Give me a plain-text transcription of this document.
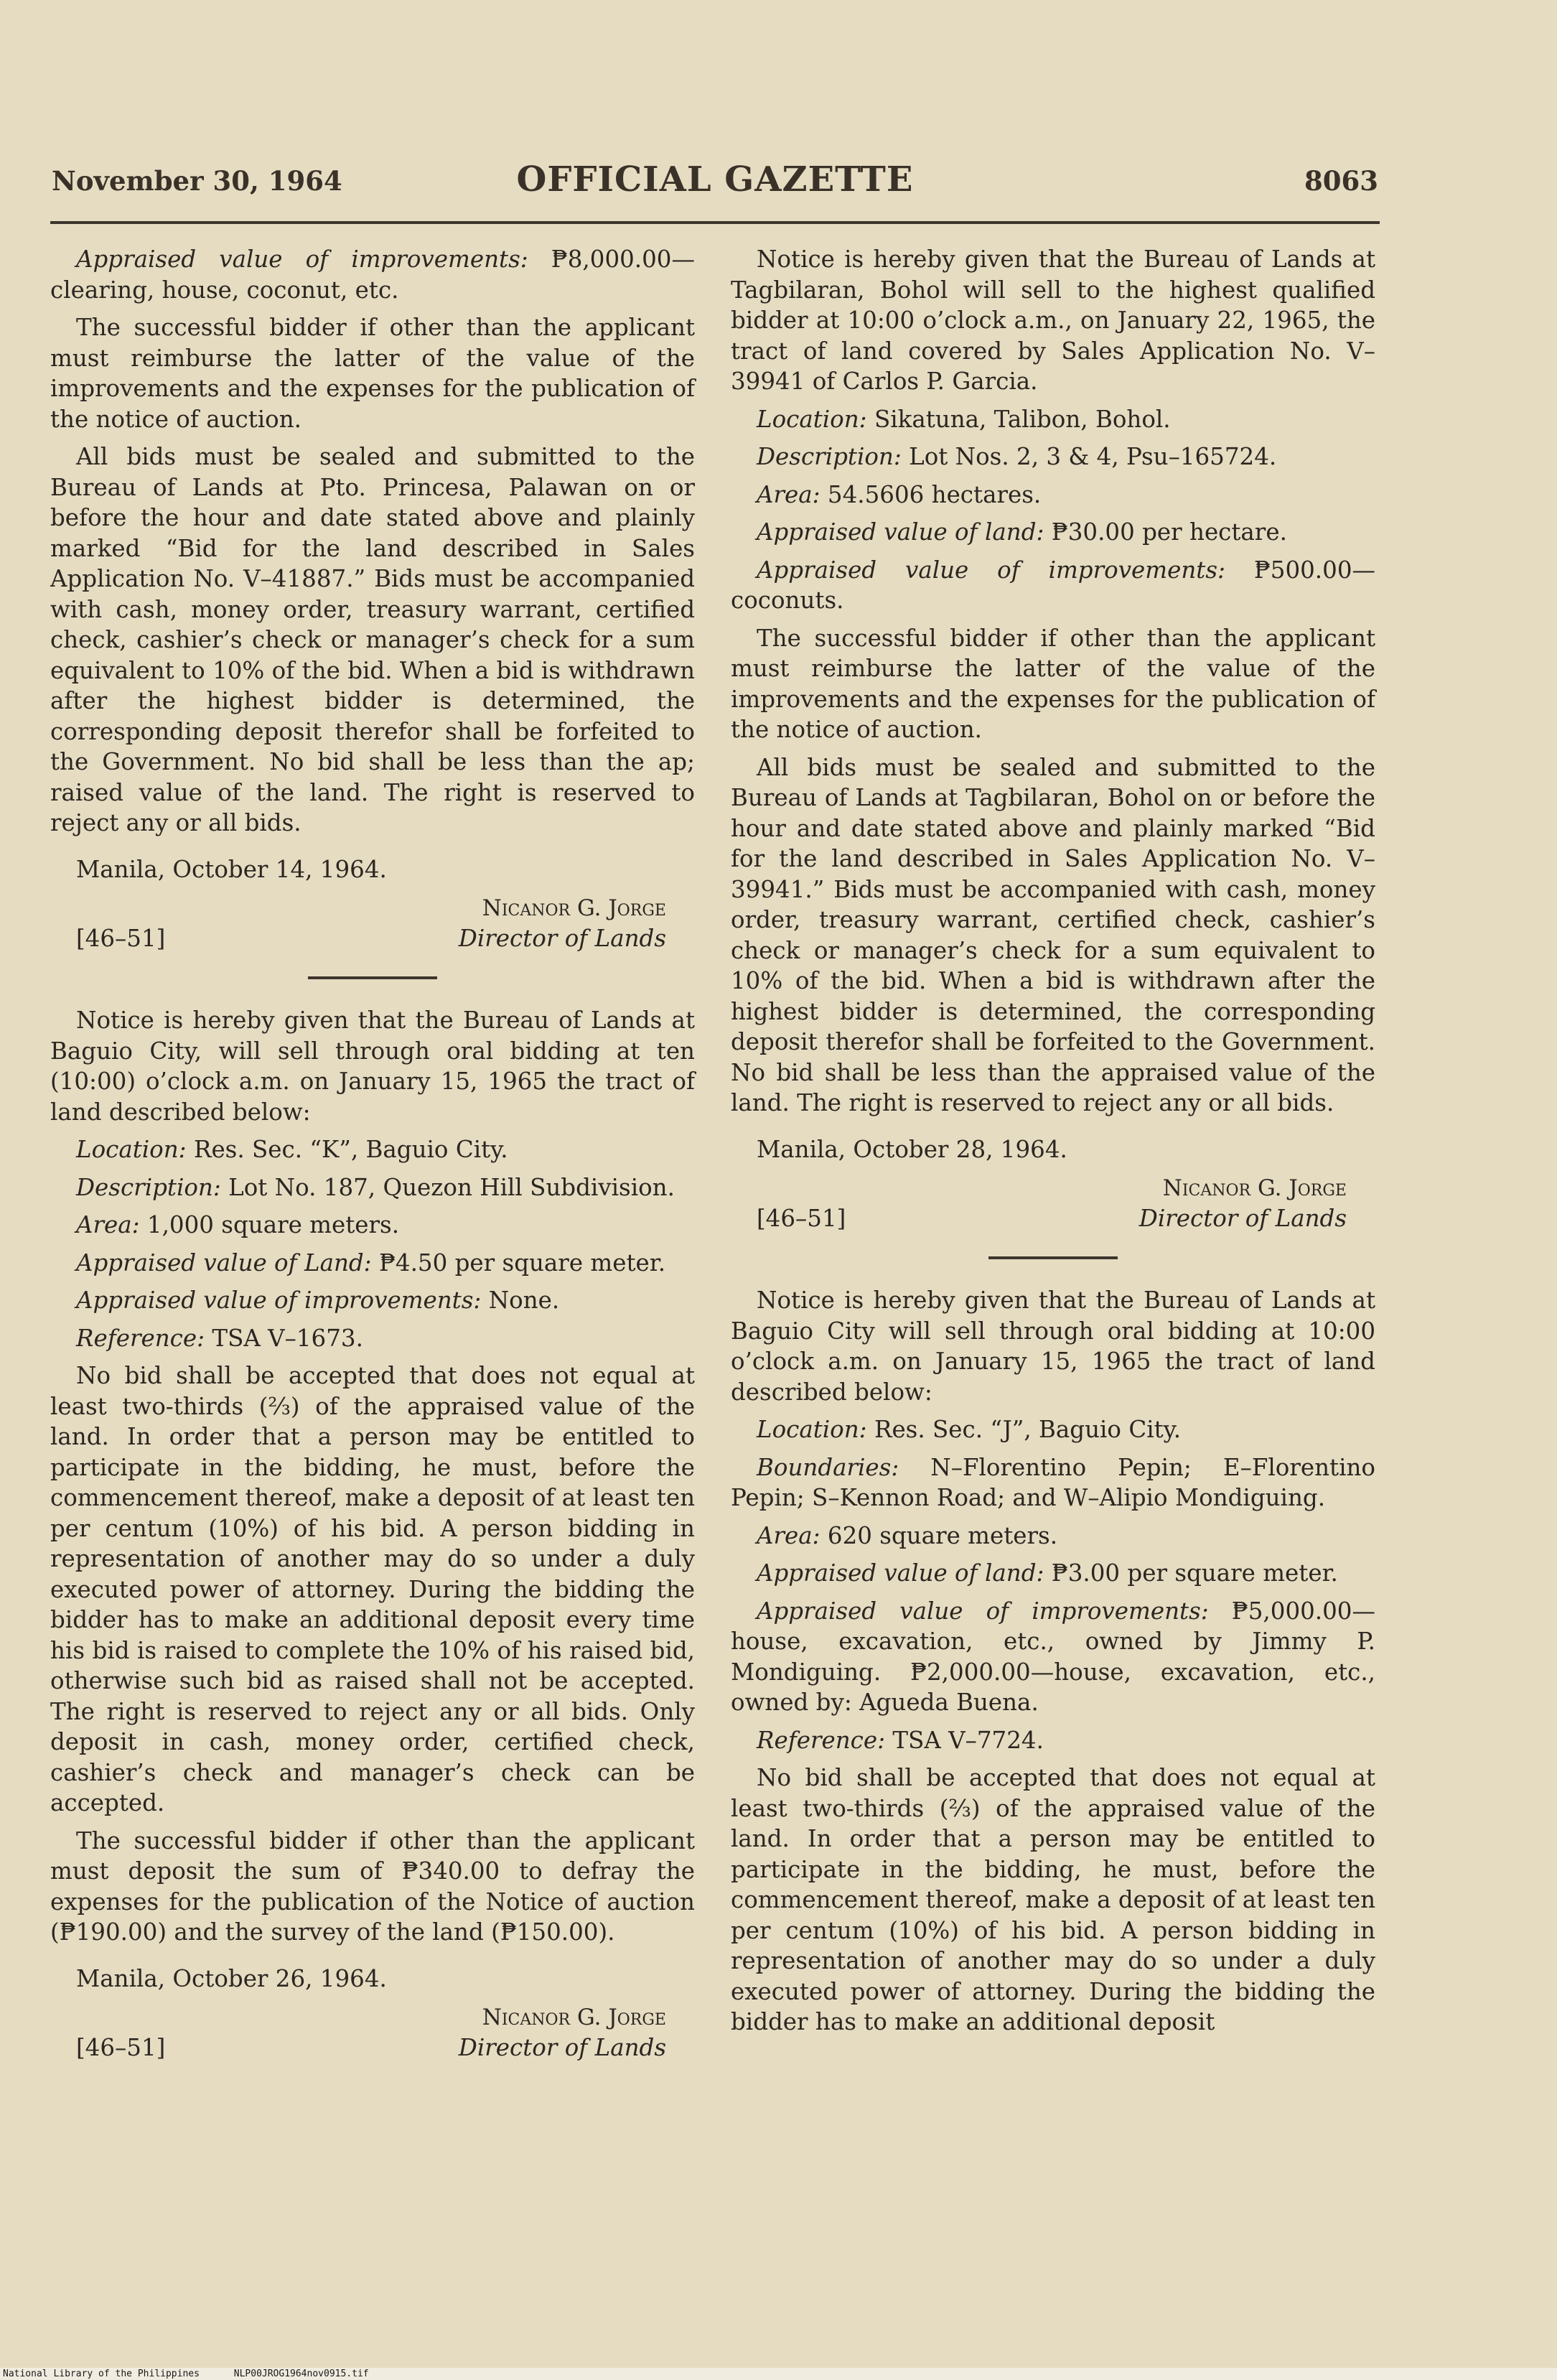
November 30, 1964	OFFICIAL GAZETTE	8063

Appraised value of improvements: ₱8,000.00—clearing, house, coconut, etc.

The successful bidder if other than the applicant must reimburse the latter of the value of the improvements and the expenses for the publication of the notice of auction.

All bids must be sealed and submitted to the Bureau of Lands at Pto. Princesa, Palawan on or before the hour and date stated above and plainly marked “Bid for the land described in Sales Application No. V–41887.” Bids must be accompanied with cash, money order, treasury warrant, certified check, cashier’s check or manager’s check for a sum equivalent to 10% of the bid. When a bid is withdrawn after the highest bidder is determined, the corresponding deposit therefor shall be forfeited to the Government. No bid shall be less than the ap; raised value of the land. The right is reserved to reject any or all bids.

Manila, October 14, 1964.

Nicanor G. Jorge
[46–51]	Director of Lands

Notice is hereby given that the Bureau of Lands at Baguio City, will sell through oral bidding at ten (10:00) o’clock a.m. on January 15, 1965 the tract of land described below:

Location: Res. Sec. “K”, Baguio City.

Description: Lot No. 187, Quezon Hill Subdivision.

Area: 1,000 square meters.

Appraised value of Land: ₱4.50 per square meter.

Appraised value of improvements: None.

Reference: TSA V–1673.

No bid shall be accepted that does not equal at least two-thirds (⅔) of the appraised value of the land. In order that a person may be entitled to participate in the bidding, he must, before the commencement thereof, make a deposit of at least ten per centum (10%) of his bid. A person bidding in representation of another may do so under a duly executed power of attorney. During the bidding the bidder has to make an additional deposit every time his bid is raised to complete the 10% of his raised bid, otherwise such bid as raised shall not be accepted. The right is reserved to reject any or all bids. Only deposit in cash, money order, certified check, cashier’s check and manager’s check can be accepted.

The successful bidder if other than the applicant must deposit the sum of ₱340.00 to defray the expenses for the publication of the Notice of auction (₱190.00) and the survey of the land (₱150.00).

Manila, October 26, 1964.

Nicanor G. Jorge
[46–51]	Director of Lands

Notice is hereby given that the Bureau of Lands at Tagbilaran, Bohol will sell to the highest qualified bidder at 10:00 o’clock a.m., on January 22, 1965, the tract of land covered by Sales Application No. V–39941 of Carlos P. Garcia.

Location: Sikatuna, Talibon, Bohol.

Description: Lot Nos. 2, 3 & 4, Psu–165724.

Area: 54.5606 hectares.

Appraised value of land: ₱30.00 per hectare.

Appraised value of improvements: ₱500.00—coconuts.

The successful bidder if other than the applicant must reimburse the latter of the value of the improvements and the expenses for the publication of the notice of auction.

All bids must be sealed and submitted to the Bureau of Lands at Tagbilaran, Bohol on or before the hour and date stated above and plainly marked “Bid for the land described in Sales Application No. V–39941.” Bids must be accompanied with cash, money order, treasury warrant, certified check, cashier’s check or manager’s check for a sum equivalent to 10% of the bid. When a bid is withdrawn after the highest bidder is determined, the corresponding deposit therefor shall be forfeited to the Government. No bid shall be less than the appraised value of the land. The right is reserved to reject any or all bids.

Manila, October 28, 1964.

Nicanor G. Jorge
[46–51]	Director of Lands

Notice is hereby given that the Bureau of Lands at Baguio City will sell through oral bidding at 10:00 o’clock a.m. on January 15, 1965 the tract of land described below:

Location: Res. Sec. “J”, Baguio City.

Boundaries: N–Florentino Pepin; E–Florentino Pepin; S–Kennon Road; and W–Alipio Mondiguing.

Area: 620 square meters.

Appraised value of land: ₱3.00 per square meter.

Appraised value of improvements: ₱5,000.00—house, excavation, etc., owned by Jimmy P. Mondiguing. ₱2,000.00—house, excavation, etc., owned by: Agueda Buena.

Reference: TSA V–7724.

No bid shall be accepted that does not equal at least two-thirds (⅔) of the appraised value of the land. In order that a person may be entitled to participate in the bidding, he must, before the commencement thereof, make a deposit of at least ten per centum (10%) of his bid. A person bidding in representation of another may do so under a duly executed power of attorney. During the bidding the bidder has to make an additional deposit

National Library of the Philippines	NLP00JROG1964nov0915.tif
